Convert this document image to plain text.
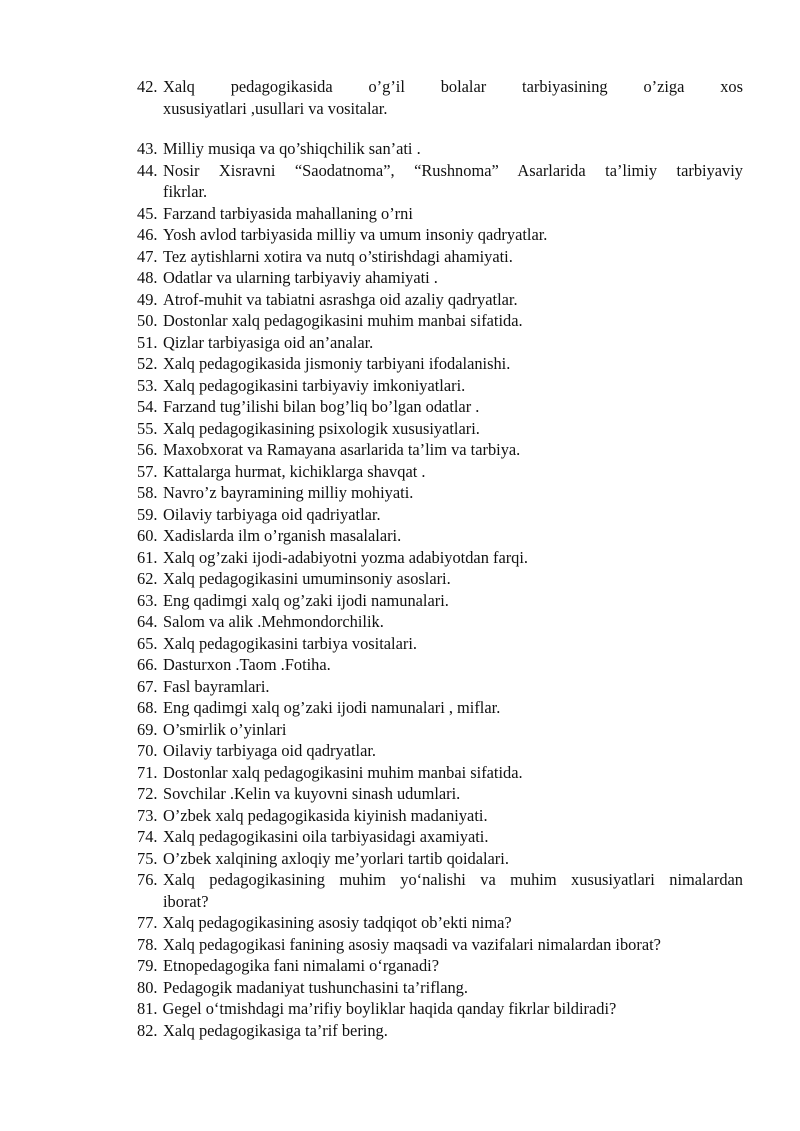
42. Xalq pedagogikasida o’g’il bolalar tarbiyasining o’ziga xos
xususiyatlari ,usullari va vositalar.
43. Milliy musiqa va qo’shiqchilik san’ati .
44. Nosir Xisravni “Saodatnoma”, “Rushnoma” Asarlarida ta’limiy tarbiyaviy
fikrlar.
45. Farzand tarbiyasida mahallaning o’rni
46. Yosh avlod tarbiyasida milliy va umum insoniy qadryatlar.
47. Tez aytishlarni xotira va nutq o’stirishdagi ahamiyati.
48. Odatlar va ularning tarbiyaviy ahamiyati .
49. Atrof-muhit va tabiatni asrashga oid azaliy qadryatlar.
50. Dostonlar xalq pedagogikasini muhim manbai sifatida.
51. Qizlar tarbiyasiga oid an’analar.
52. Xalq pedagogikasida jismoniy tarbiyani ifodalanishi.
53. Xalq pedagogikasini tarbiyaviy imkoniyatlari.
54. Farzand tug’ilishi bilan bog’liq bo’lgan odatlar .
55. Xalq pedagogikasining psixologik xususiyatlari.
56. Maxobxorat va Ramayana asarlarida ta’lim va tarbiya.
57. Kattalarga hurmat, kichiklarga shavqat .
58. Navro’z bayramining milliy mohiyati.
59. Oilaviy tarbiyaga oid qadriyatlar.
60. Xadislarda ilm o’rganish masalalari.
61. Xalq og’zaki ijodi-adabiyotni yozma adabiyotdan farqi.
62. Xalq pedagogikasini umuminsoniy asoslari.
63. Eng qadimgi xalq og’zaki ijodi namunalari.
64. Salom va alik .Mehmondorchilik.
65. Xalq pedagogikasini tarbiya vositalari.
66. Dasturxon .Taom .Fotiha.
67. Fasl bayramlari.
68. Eng qadimgi xalq og’zaki ijodi namunalari , miflar.
69. O’smirlik o’yinlari
70. Oilaviy tarbiyaga oid qadryatlar.
71. Dostonlar xalq pedagogikasini muhim manbai sifatida.
72. Sovchilar .Kelin va kuyovni sinash udumlari.
73. O’zbek xalq pedagogikasida kiyinish madaniyati.
74. Xalq pedagogikasini oila tarbiyasidagi axamiyati.
75. O’zbek xalqining axloqiy me’yorlari tartib qoidalari.
76. Xalq pedagogikasining muhim yo‘nalishi va muhim xususiyatlari nimalardan
iborat?
77. Xalq pedagogikasining asosiy tadqiqot ob’ekti nima?
78. Xalq pedagogikasi fanining asosiy maqsadi va vazifalari nimalardan iborat?
79. Etnopedagogika fani nimalami o‘rganadi?
80. Pedagogik madaniyat tushunchasini ta’riflang.
81. Gegel o‘tmishdagi ma’rifiy boyliklar haqida qanday fikrlar bildiradi?
82. Xalq pedagogikasiga ta’rif bering.
